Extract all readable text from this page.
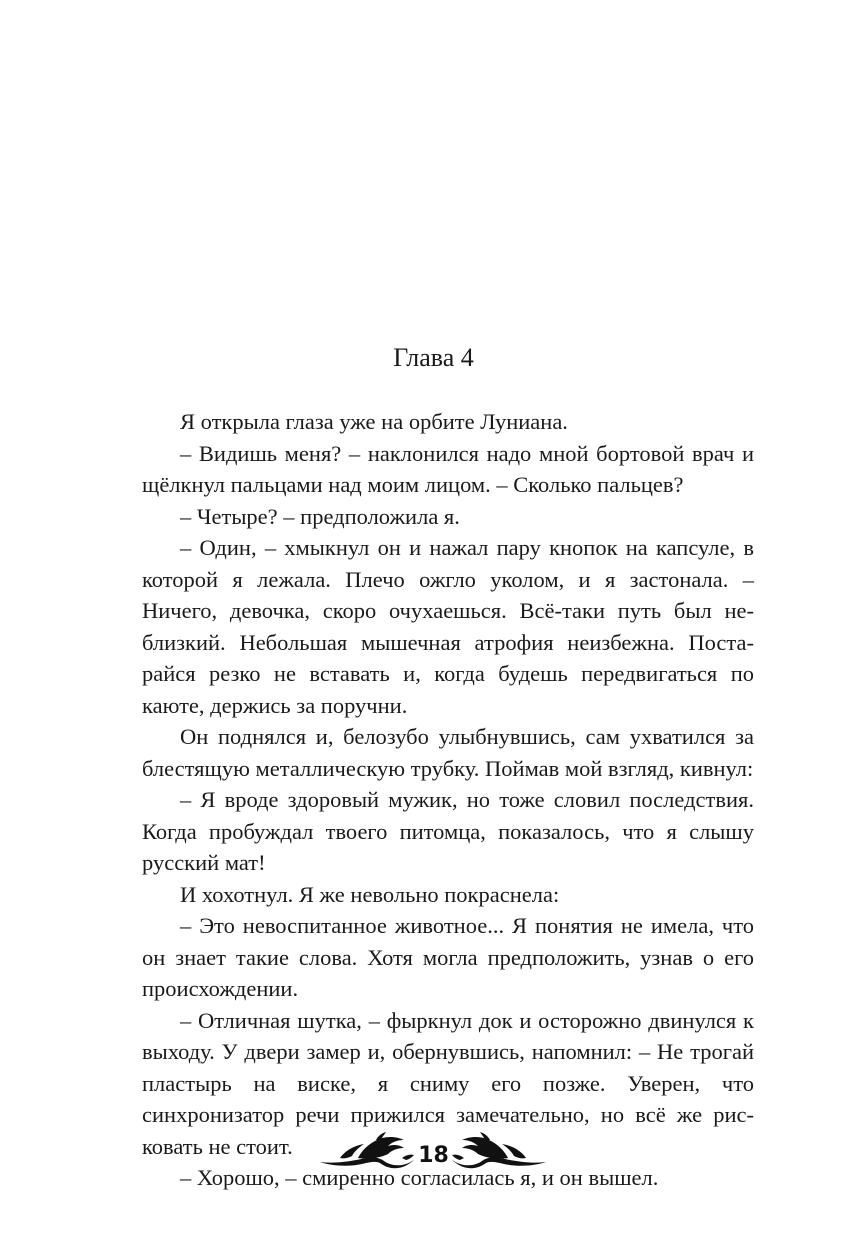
Глава 4

Я открыла глаза уже на орбите Луниана.

– Видишь меня? – наклонился надо мной бортовой врач и щёлкнул пальцами над моим лицом. – Сколько пальцев?

– Четыре? – предположила я.

– Один, – хмыкнул он и нажал пару кнопок на капсуле, в которой я лежала. Плечо ожгло уколом, и я застонала. – Ничего, девочка, скоро очухаешься. Всё-таки путь был неблизкий. Небольшая мышечная атрофия неизбежна. Постарайся резко не вставать и, когда будешь передвигаться по каюте, держись за поручни.

Он поднялся и, белозубо улыбнувшись, сам ухватился за блестящую металлическую трубку. Поймав мой взгляд, кивнул:

– Я вроде здоровый мужик, но тоже словил последствия. Когда пробуждал твоего питомца, показалось, что я слышу русский мат!

И хохотнул. Я же невольно покраснела:

– Это невоспитанное животное... Я понятия не имела, что он знает такие слова. Хотя могла предположить, узнав о его происхождении.

– Отличная шутка, – фыркнул док и осторожно двинулся к выходу. У двери замер и, обернувшись, напомнил: – Не трогай пластырь на виске, я сниму его позже. Уверен, что синхронизатор речи прижился замечательно, но всё же рисковать не стоит.

– Хорошо, – смиренно согласилась я, и он вышел.

18
